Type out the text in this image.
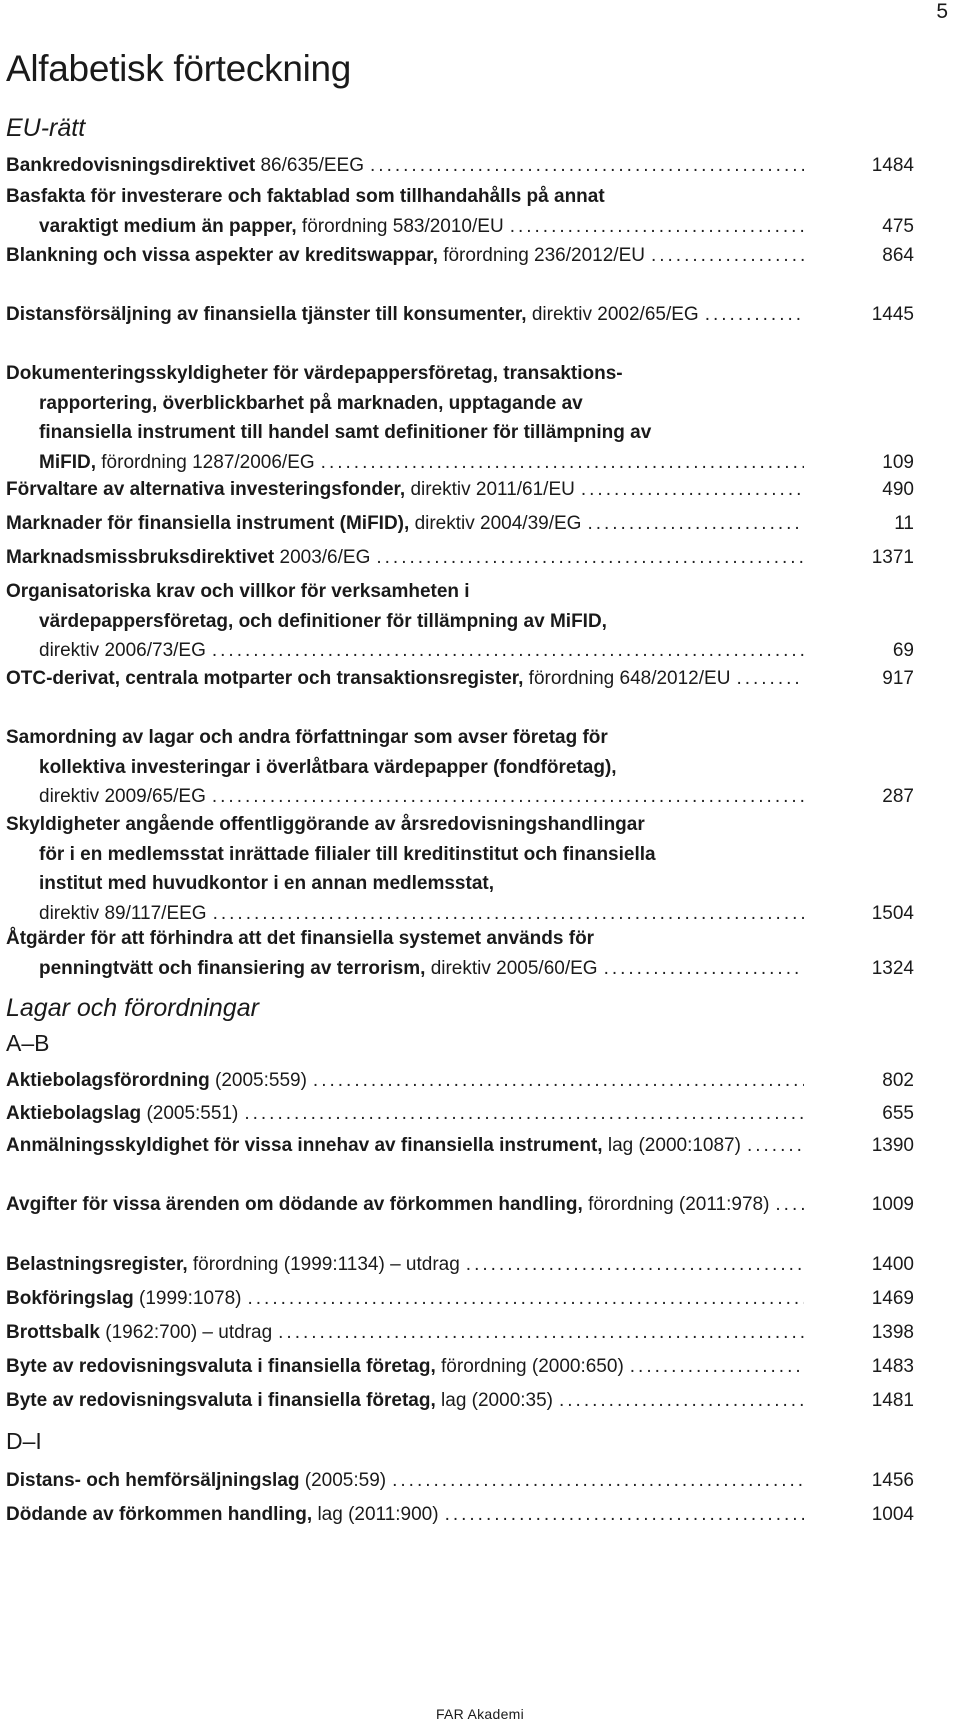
5
Alfabetisk förteckning
EU-rätt
Bankredovisningsdirektivet 86/635/EEG .....	1484
Basfakta för investerare och faktablad som tillhandahålls på annat
varaktigt medium än papper, förordning 583/2010/EU .....	475
Blankning och vissa aspekter av kreditswappar, förordning 236/2012/EU .....	864
Distansförsäljning av finansiella tjänster till konsumenter, direktiv 2002/65/EG .....	1445
Dokumenteringsskyldigheter för värdepappersföretag, transaktions-
rapportering, överblickbarhet på marknaden, upptagande av
finansiella instrument till handel samt definitioner för tillämpning av
MiFID, förordning 1287/2006/EG .....	109
Förvaltare av alternativa investeringsfonder, direktiv 2011/61/EU .....	490
Marknader för finansiella instrument (MiFID), direktiv 2004/39/EG .....	11
Marknadsmissbruksdirektivet 2003/6/EG .....	1371
Organisatoriska krav och villkor för verksamheten i
värdepappersföretag, och definitioner för tillämpning av MiFID,
direktiv 2006/73/EG .....	69
OTC-derivat, centrala motparter och transaktionsregister, förordning 648/2012/EU .....	917
Samordning av lagar och andra författningar som avser företag för
kollektiva investeringar i överlåtbara värdepapper (fondföretag),
direktiv 2009/65/EG .....	287
Skyldigheter angående offentliggörande av årsredovisningshandlingar
för i en medlemsstat inrättade filialer till kreditinstitut och finansiella
institut med huvudkontor i en annan medlemsstat,
direktiv 89/117/EEG .....	1504
Åtgärder för att förhindra att det finansiella systemet används för
penningtvätt och finansiering av terrorism, direktiv 2005/60/EG .....	1324
Lagar och förordningar
A–B
Aktiebolagsförordning (2005:559) .....	802
Aktiebolagslag (2005:551) .....	655
Anmälningsskyldighet för vissa innehav av finansiella instrument, lag (2000:1087) .....	1390
Avgifter för vissa ärenden om dödande av förkommen handling, förordning (2011:978) .....	1009
Belastningsregister, förordning (1999:1134) – utdrag .....	1400
Bokföringslag (1999:1078) .....	1469
Brottsbalk (1962:700) – utdrag .....	1398
Byte av redovisningsvaluta i finansiella företag, förordning (2000:650) .....	1483
Byte av redovisningsvaluta i finansiella företag, lag (2000:35) .....	1481
D–I
Distans- och hemförsäljningslag (2005:59) .....	1456
Dödande av förkommen handling, lag (2011:900) .....	1004
FAR Akademi
